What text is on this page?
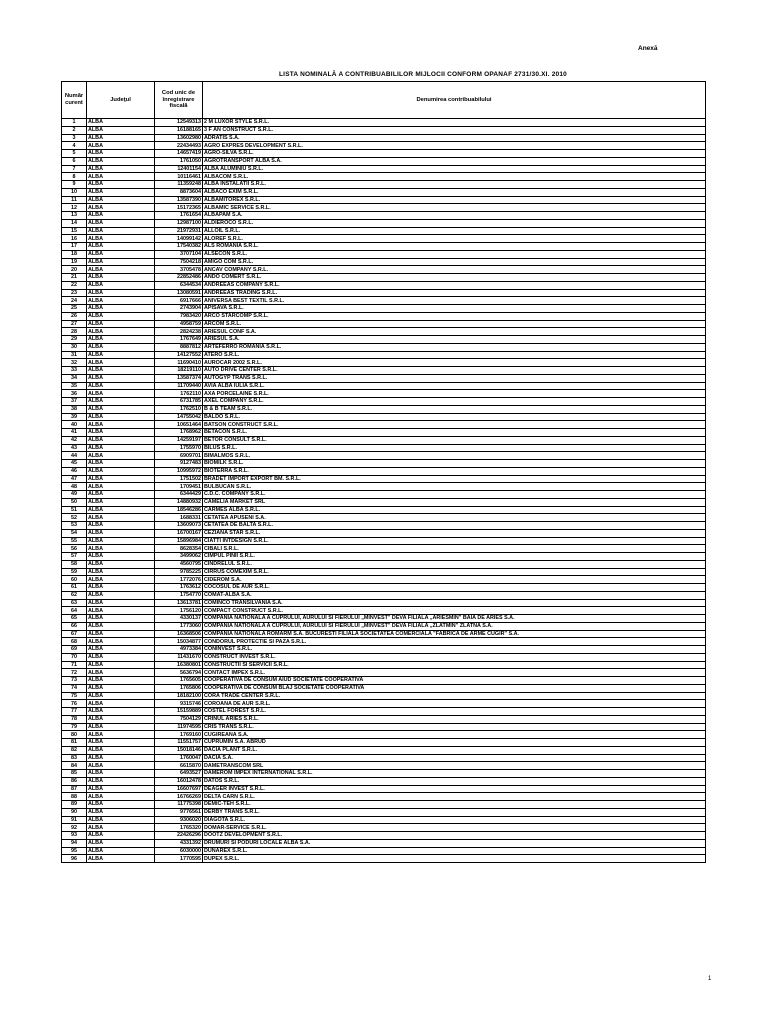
Anexă
LISTA NOMINALĂ A CONTRIBUABILILOR MIJLOCII CONFORM OPANAF 2731/30.XI. 2010
Număr curent	Judeţul	Cod unic de înregistrare fiscală	Denumirea contribuabilului
1	ALBA	12549313	2 M LUXOR STYLE S.R.L.
2	ALBA	16188165	3 F AN CONSTRUCT S.R.L.
3	ALBA	13602980	ADRATIS S.A.
4	ALBA	22434493	AGRO EXPRES DEVELOPMENT S.R.L.
5	ALBA	14657419	AGRO-SILVA S.R.L.
6	ALBA	1761050	AGROTRANSPORT ALBA S.A.
7	ALBA	12401154	ALBA ALUMINIU S.R.L.
8	ALBA	10116461	ALBACOM S.R.L.
9	ALBA	11359248	ALBA INSTALATII S.R.L.
10	ALBA	8873604	ALBACO EXIM S.R.L.
11	ALBA	13587390	ALBAMITOREX S.R.L.
12	ALBA	15172365	ALBAMIC SERVICE S.R.L.
13	ALBA	1761654	ALBAPAM S.A.
14	ALBA	12987100	ALDIEROCO S.R.L.
15	ALBA	21972931	ALLOIL S.R.L.
16	ALBA	14099142	ALOREF S.R.L.
17	ALBA	17540382	ALS ROMANIA S.R.L.
18	ALBA	3707104	ALSECON S.R.L.
19	ALBA	7504218	AMIGO COM S.R.L.
20	ALBA	3705478	ANCAV COMPANY S.R.L.
21	ALBA	22852486	ANDO COMERT S.R.L.
22	ALBA	6344534	ANDREEAS COMPANY S.R.L.
23	ALBA	13080591	ANDREEAS TRADING S.R.L.
24	ALBA	6917666	ANIVERSA BEST TEXTIL S.R.L.
25	ALBA	2743904	APISAVA S.R.L.
26	ALBA	7983420	ARCO STARCOMP S.R.L.
27	ALBA	4958759	ARCOM S.R.L.
28	ALBA	2824238	ARIESUL CONF S.A.
29	ALBA	1767649	ARIESUL S.A.
30	ALBA	8887812	ARTEFERRO ROMANIA S.R.L.
31	ALBA	14127552	ATERO S.R.L.
32	ALBA	11690410	AUROCAR 2002 S.R.L.
33	ALBA	18219110	AUTO DRIVE CENTER S.R.L.
34	ALBA	13587374	AUTOGYP TRANS S.R.L.
35	ALBA	11709440	AVIA ALBA IULIA S.R.L.
36	ALBA	1762110	AXA PORCELAINE S.R.L.
37	ALBA	6731785	AXEL COMPANY S.R.L.
38	ALBA	1762510	B & B TEAM S.R.L.
39	ALBA	14755042	BALDO S.R.L.
40	ALBA	10651464	BATSON CONSTRUCT S.R.L.
41	ALBA	1768962	BETACON S.R.L.
42	ALBA	14259197	BETOR CONSULT S.R.L.
43	ALBA	1755970	BILUS S.R.L.
44	ALBA	6909701	BIMALMOS S.R.L.
45	ALBA	9127483	BIOMILK S.R.L.
46	ALBA	10995972	BIOTERRA S.R.L.
47	ALBA	1751502	BRADET IMPORT EXPORT BM. S.R.L.
48	ALBA	1709451	BULBUCAN S.R.L.
49	ALBA	6344429	C.D.C. COMPANY S.R.L.
50	ALBA	14880932	CAMELIA MARKET SRL
51	ALBA	18546286	CARMES ALBA S.R.L.
52	ALBA	1688331	CETATEA APUSENI S.A.
53	ALBA	13609073	CETATEA DE BALTA S.R.L.
54	ALBA	16700167	CEZIANA STAR S.R.L.
55	ALBA	15896984	CIATTI INTDESIGN S.R.L.
56	ALBA	8628354	CIBALI S.R.L.
57	ALBA	3499062	CIMPUL PINII S.R.L.
58	ALBA	4560795	CINDRELUL S.R.L.
59	ALBA	9785225	CIRRUS COMEXIM S.R.L.
60	ALBA	1772076	CIDEROM S.A.
61	ALBA	1763612	COCOSUL DE AUR S.R.L.
62	ALBA	1754770	COMAT-ALBA S.A.
63	ALBA	13613781	COMINCO TRANSILVANIA S.A.
64	ALBA	1756120	COMPACT CONSTRUCT S.R.L.
65	ALBA	4330137	COMPANIA NATIONALA A CUPRULUI, AURULUI SI FIERULUI „MINVEST" DEVA FILIALA „ARIESMIN" BAIA DE ARIES S.A.
66	ALBA	1773060	COMPANIA NATIONALA A CUPRULUI, AURULUI SI FIERULUI „MINVEST" DEVA FILIALA „ZLATMIN" ZLATNA S.A.
67	ALBA	16368506	COMPANIA NATIONALA ROMARM S.A. BUCURESTI FILIALA SOCIETATEA COMERCIALA "FABRICA DE ARME CUGIR" S.A.
68	ALBA	15034877	CONDORUL PROTECTIE SI PAZA S.R.L.
69	ALBA	4973384	CONINVEST S.R.L.
70	ALBA	11431670	CONSTRUCT INVEST S.R.L.
71	ALBA	16380801	CONSTRUCTII SI SERVICII S.R.L.
72	ALBA	5636794	CONTACT IMPEX S.R.L.
73	ALBA	1765605	COOPERATIVA DE CONSUM AIUD SOCIETATE COOPERATIVA
74	ALBA	1765806	COOPERATIVA DE CONSUM BLAJ SOCIETATE COOPERATIVA
75	ALBA	18182100	CORA TRADE CENTER S.R.L.
76	ALBA	9315746	COROANA DE AUR S.R.L.
77	ALBA	15159889	COSTEL FOREST S.R.L.
78	ALBA	7504129	CRINUL ARIES S.R.L.
79	ALBA	11974595	CRIS TRANS S.R.L.
80	ALBA	1769160	CUGIREANA S.A.
81	ALBA	11551757	CUPRUMIN S.A. ABRUD
82	ALBA	15018146	DACIA PLANT S.R.L.
83	ALBA	1760047	DACIA S.A.
84	ALBA	6615870	DAMETRANSCOM SRL
85	ALBA	6493527	DAMEROM IMPEX INTERNATIONAL S.R.L.
86	ALBA	16012478	DATOS S.R.L.
87	ALBA	16607697	DEAGER INVEST S.R.L.
88	ALBA	16766269	DELTA CARN S.R.L.
89	ALBA	11775398	DEMIC-TEH S.R.L.
90	ALBA	9776561	DERBY TRANS S.R.L.
91	ALBA	9306020	DIAGOTA S.R.L.
92	ALBA	1765320	DOMAR-SERVICE S.R.L.
93	ALBA	22426296	DOOTZ DEVELOPMENT S.R.L.
94	ALBA	4331392	DRUMURI SI PODURI LOCALE ALBA S.A.
95	ALBA	6030000	DUNAREX S.R.L.
96	ALBA	1770595	DUPEX S.R.L.
1
